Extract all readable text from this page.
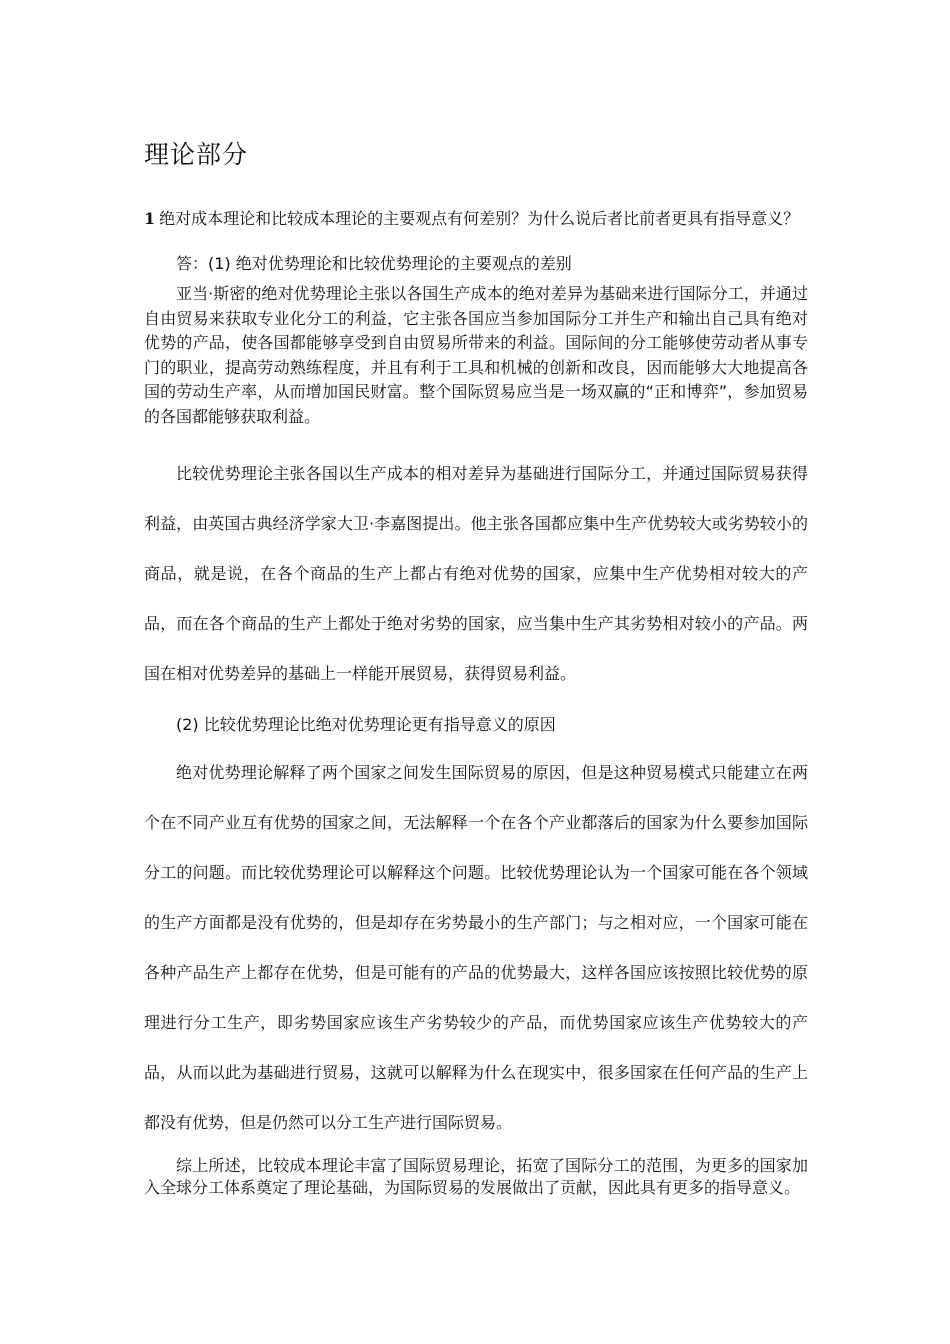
理论部分

1 绝对成本理论和比较成本理论的主要观点有何差别？为什么说后者比前者更具有指导意义？

答：(1) 绝对优势理论和比较优势理论的主要观点的差别

亚当·斯密的绝对优势理论主张以各国生产成本的绝对差异为基础来进行国际分工，并通过自由贸易来获取专业化分工的利益，它主张各国应当参加国际分工并生产和输出自己具有绝对优势的产品，使各国都能够享受到自由贸易所带来的利益。国际间的分工能够使劳动者从事专门的职业，提高劳动熟练程度，并且有利于工具和机械的创新和改良，因而能够大大地提高各国的劳动生产率，从而增加国民财富。整个国际贸易应当是一场双赢的“正和博弈”，参加贸易的各国都能够获取利益。

比较优势理论主张各国以生产成本的相对差异为基础进行国际分工，并通过国际贸易获得利益，由英国古典经济学家大卫·李嘉图提出。他主张各国都应集中生产优势较大或劣势较小的商品，就是说，在各个商品的生产上都占有绝对优势的国家，应集中生产优势相对较大的产品，而在各个商品的生产上都处于绝对劣势的国家，应当集中生产其劣势相对较小的产品。两国在相对优势差异的基础上一样能开展贸易，获得贸易利益。

(2) 比较优势理论比绝对优势理论更有指导意义的原因

绝对优势理论解释了两个国家之间发生国际贸易的原因，但是这种贸易模式只能建立在两个在不同产业互有优势的国家之间，无法解释一个在各个产业都落后的国家为什么要参加国际分工的问题。而比较优势理论可以解释这个问题。比较优势理论认为一个国家可能在各个领域的生产方面都是没有优势的，但是却存在劣势最小的生产部门；与之相对应，一个国家可能在各种产品生产上都存在优势，但是可能有的产品的优势最大，这样各国应该按照比较优势的原理进行分工生产，即劣势国家应该生产劣势较少的产品，而优势国家应该生产优势较大的产品，从而以此为基础进行贸易，这就可以解释为什么在现实中，很多国家在任何产品的生产上都没有优势，但是仍然可以分工生产进行国际贸易。

综上所述，比较成本理论丰富了国际贸易理论，拓宽了国际分工的范围，为更多的国家加入全球分工体系奠定了理论基础，为国际贸易的发展做出了贡献，因此具有更多的指导意义。
